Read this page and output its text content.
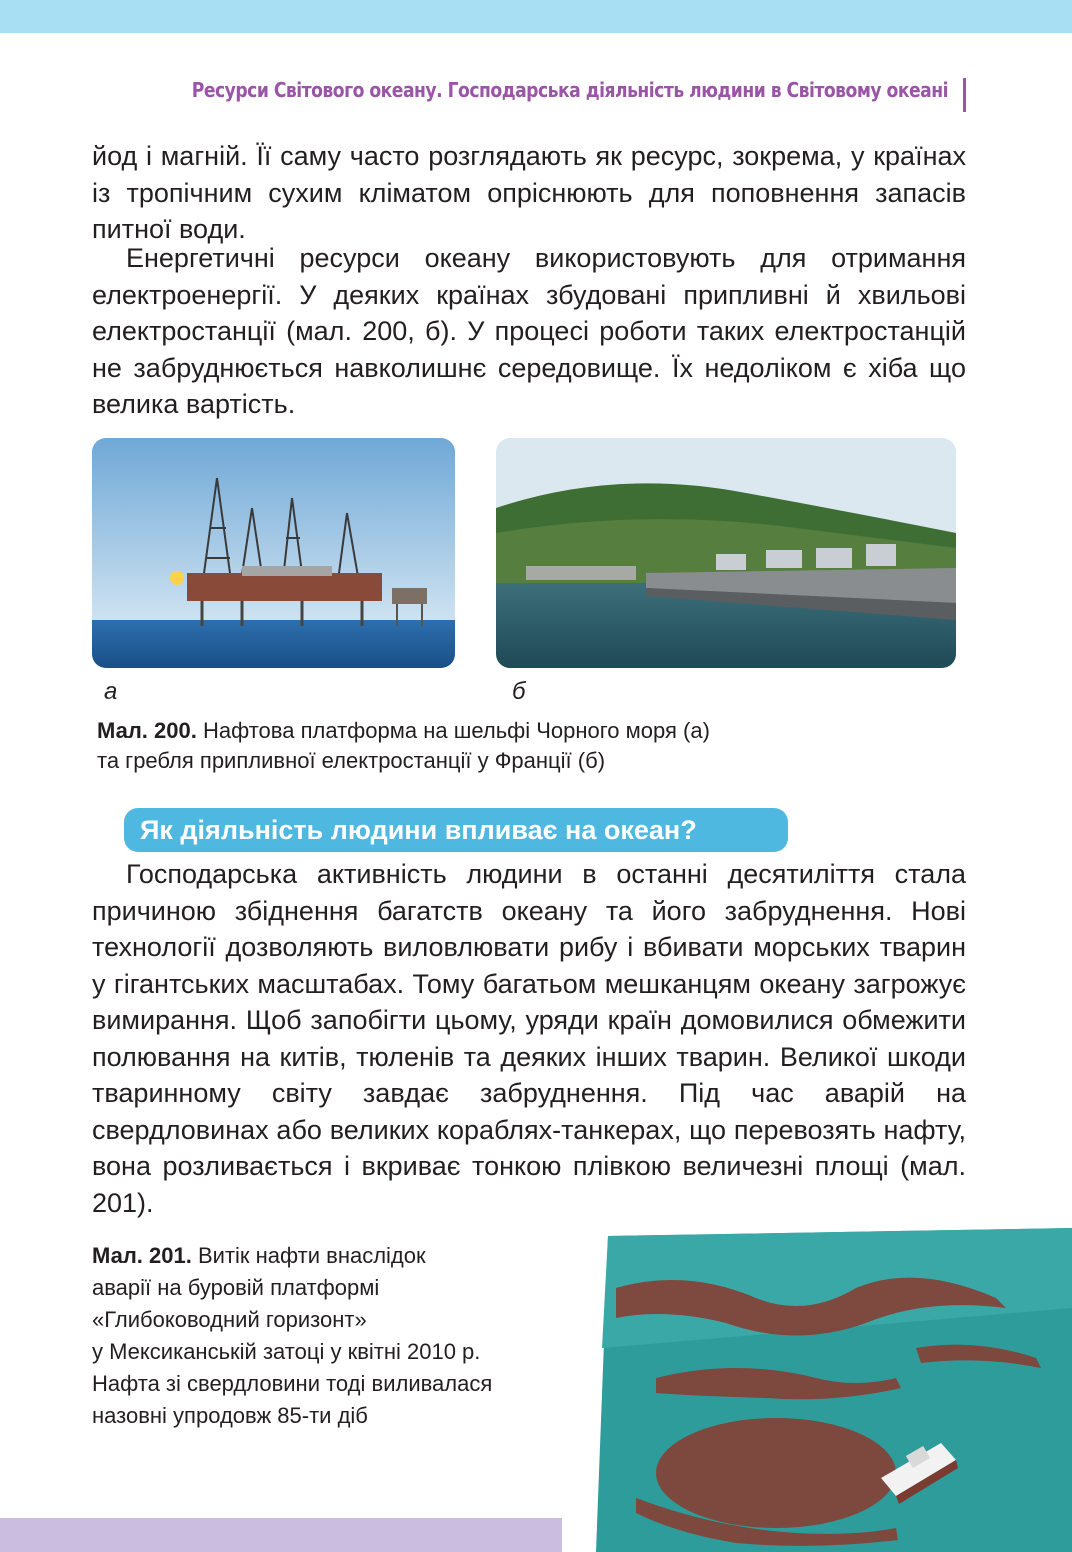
Ресурси Світового океану. Господарська діяльність людини в Світовому океані

йод і магній. Її саму часто розглядають як ресурс, зокрема, у країнах із тропічним сухим кліматом опріснюють для поповнення запасів питної води.

Енергетичні ресурси океану використовують для отримання електроенергії. У деяких країнах збудовані припливні й хвильові електростанції (мал. 200, б). У процесі роботи таких електростанцій не забруднюється навколишнє середовище. Їх недоліком є хіба що велика вартість.

а	б

Мал. 200. Нафтова платформа на шельфі Чорного моря (а)
та гребля припливної електростанції у Франції (б)

Як діяльність людини впливає на океан?

Господарська активність людини в останні десятиліття стала причиною збіднення багатств океану та його забруднення. Нові технології дозволяють виловлювати рибу і вбивати морських тварин у гігантських масштабах. Тому багатьом мешканцям океану загрожує вимирання. Щоб запобігти цьому, уряди країн домовилися обмежити полювання на китів, тюленів та деяких інших тварин. Великої шкоди тваринному світу завдає забруднення. Під час аварій на свердловинах або великих кораблях-танкерах, що перевозять нафту, вона розливається і вкриває тонкою плівкою величезні площі (мал. 201).

Мал. 201. Витік нафти внаслідок
аварії на буровій платформі
«Глибоководний горизонт»
у Мексиканській затоці у квітні 2010 р.
Нафта зі свердловини тоді виливалася
назовні упродовж 85-ти діб
